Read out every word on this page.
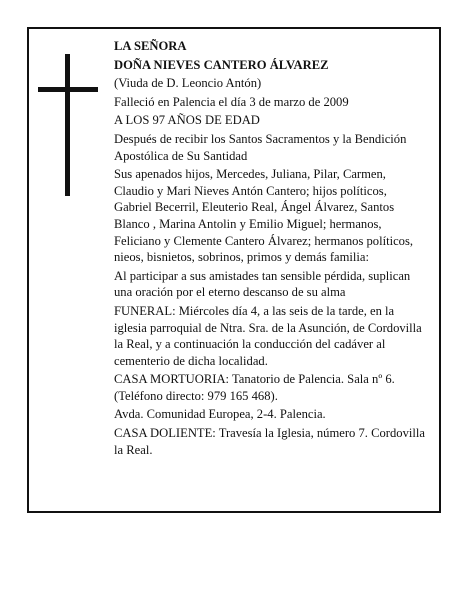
LA SEÑORA

DOÑA NIEVES CANTERO ÁLVAREZ

(Viuda de D. Leoncio Antón)

Falleció en Palencia el día 3 de marzo de 2009

A LOS 97 AÑOS DE EDAD

Después de recibir los Santos Sacramentos y la Bendición Apostólica de Su Santidad

Sus apenados hijos, Mercedes, Juliana, Pilar, Carmen, Claudio y Mari Nieves Antón Cantero; hijos políticos, Gabriel Becerril, Eleuterio Real, Ángel Álvarez, Santos Blanco , Marina Antolin y Emilio Miguel; hermanos, Feliciano y Clemente Cantero Álvarez; hermanos políticos, nieos, bisnietos, sobrinos, primos y demás familia:

Al participar a sus amistades tan sensible pérdida, suplican una oración por el eterno descanso de su alma

FUNERAL: Miércoles día 4, a las seis de la tarde, en la iglesia parroquial de Ntra. Sra. de la Asunción, de Cordovilla la Real, y a continuación la conducción del cadáver al cementerio de dicha localidad.

CASA MORTUORIA: Tanatorio de Palencia. Sala nº 6. (Teléfono directo: 979 165 468).

Avda. Comunidad Europea, 2-4. Palencia.

CASA DOLIENTE: Travesía la Iglesia, número 7. Cordovilla la Real.
